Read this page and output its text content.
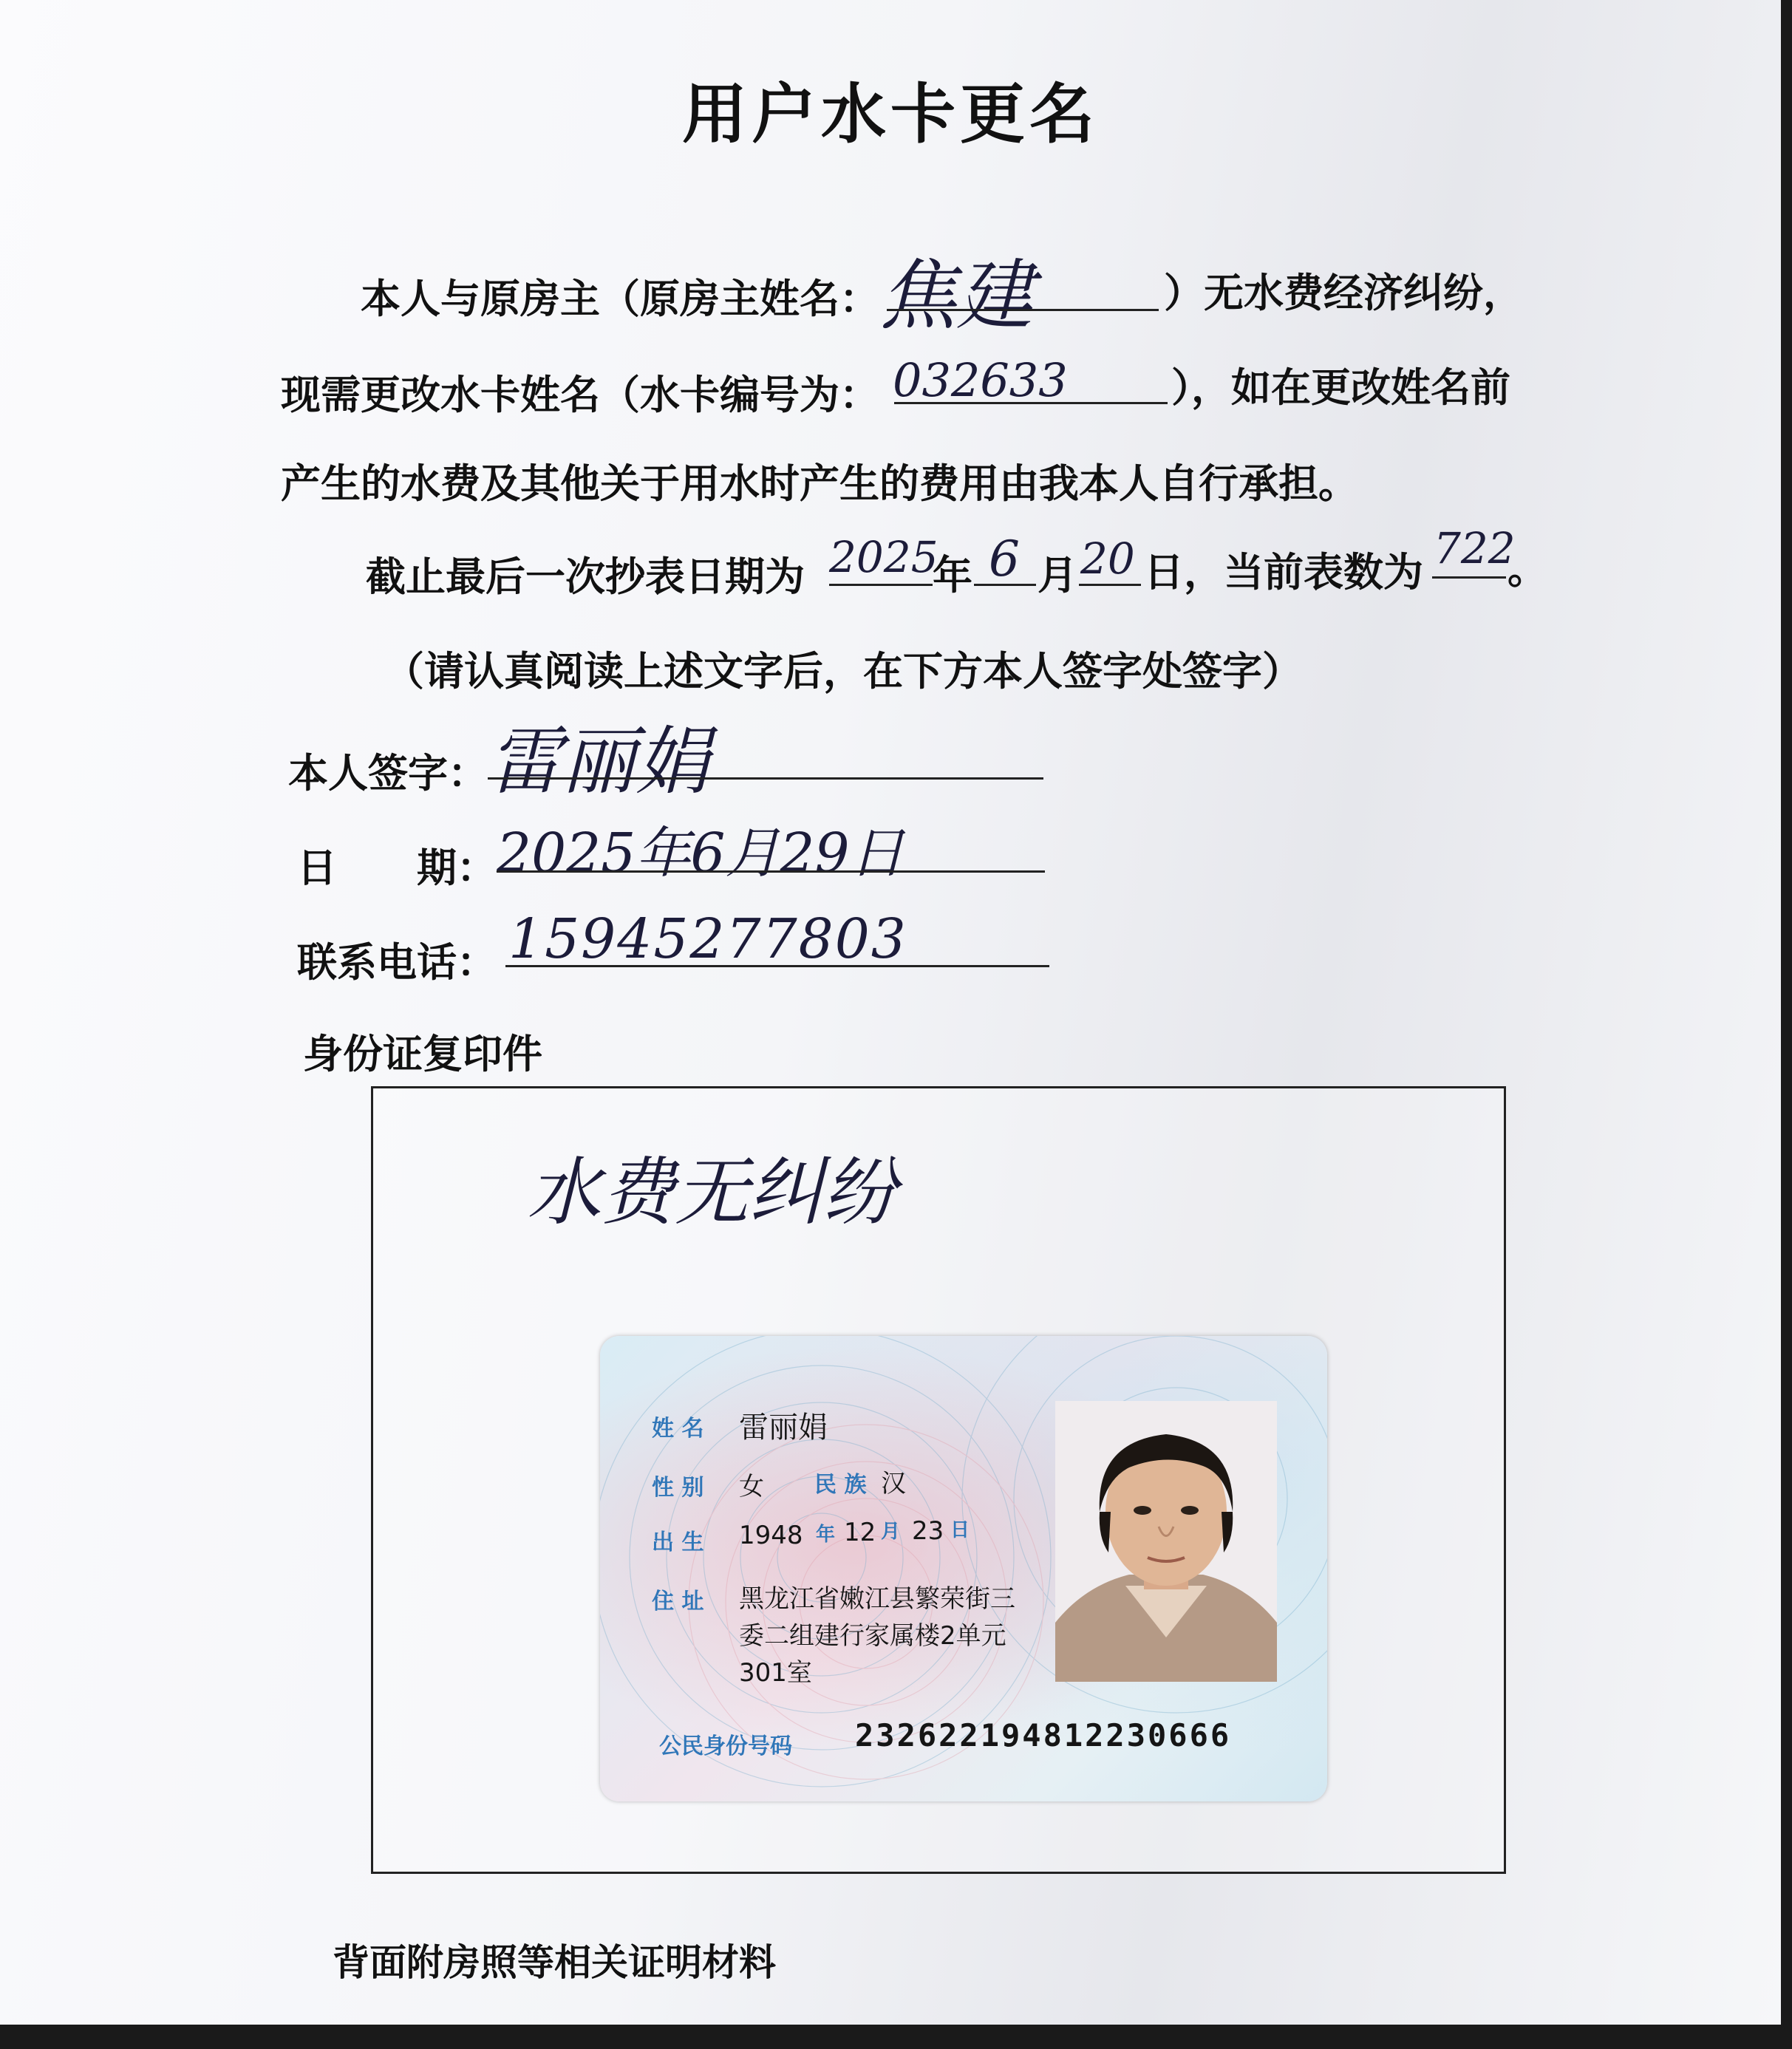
用户水卡更名
本人与原房主（原房主姓名： 焦建	）无水费经济纠纷，
现需更改水卡姓名（水卡编号为： 032633	），如在更改姓名前
产生的水费及其他关于用水时产生的费用由我本人自行承担。
截止最后一次抄表日期为 2025
年 6 月 20 日，当前表数为 722
。
（请认真阅读上述文字后，在下方本人签字处签字）
本人签字： 雷丽娟
日　　期： 2025年6月29日
联系电话： 15945277803
身份证复印件
水费无纠纷
姓 名 雷丽娟
性 别 女 民 族 汉
出 生 1948 年 12 月 23 日
住 址 黑龙江省嫩江县繁荣街三
委二组建行家属楼2单元
301室
公民身份号码 232622194812230666
背面附房照等相关证明材料
